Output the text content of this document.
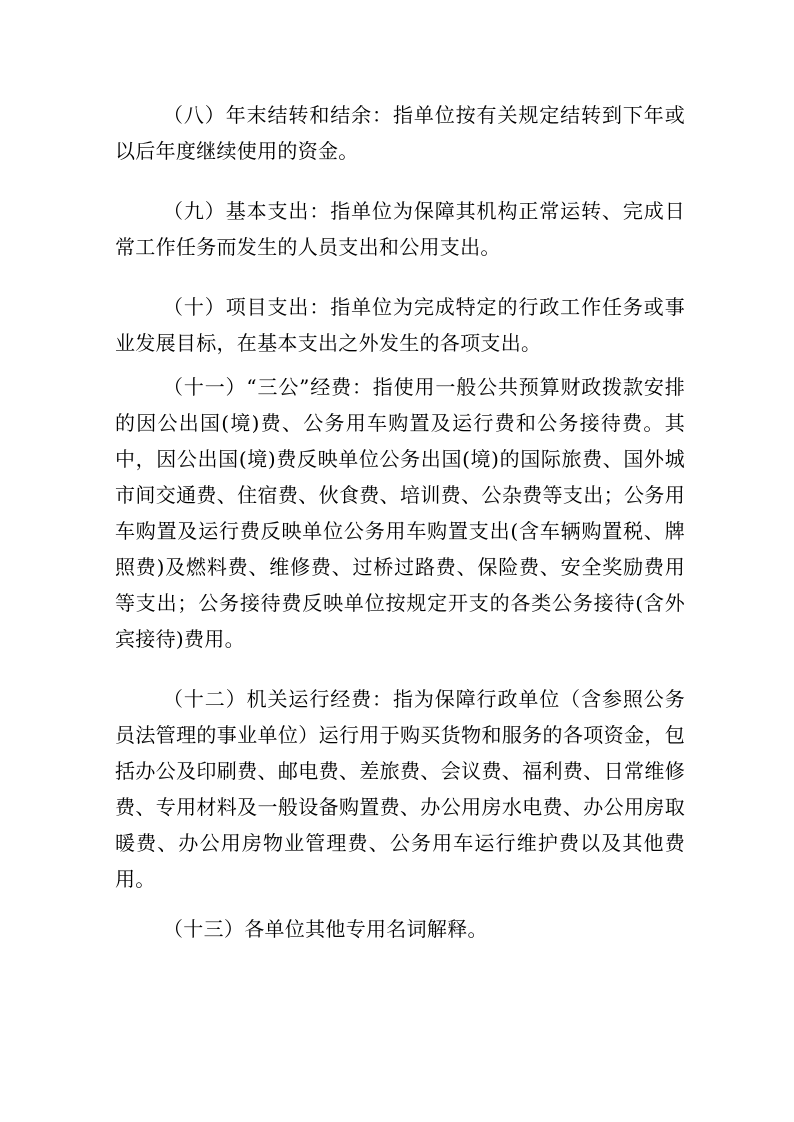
（八）年末结转和结余：指单位按有关规定结转到下年或以后年度继续使用的资金。

（九）基本支出：指单位为保障其机构正常运转、完成日常工作任务而发生的人员支出和公用支出。

（十）项目支出：指单位为完成特定的行政工作任务或事业发展目标，在基本支出之外发生的各项支出。

（十一）“三公”经费：指使用一般公共预算财政拨款安排的因公出国(境)费、公务用车购置及运行费和公务接待费。其中，因公出国(境)费反映单位公务出国(境)的国际旅费、国外城市间交通费、住宿费、伙食费、培训费、公杂费等支出；公务用车购置及运行费反映单位公务用车购置支出(含车辆购置税、牌照费)及燃料费、维修费、过桥过路费、保险费、安全奖励费用等支出；公务接待费反映单位按规定开支的各类公务接待(含外宾接待)费用。

（十二）机关运行经费：指为保障行政单位（含参照公务员法管理的事业单位）运行用于购买货物和服务的各项资金，包括办公及印刷费、邮电费、差旅费、会议费、福利费、日常维修费、专用材料及一般设备购置费、办公用房水电费、办公用房取暖费、办公用房物业管理费、公务用车运行维护费以及其他费用。

（十三）各单位其他专用名词解释。
